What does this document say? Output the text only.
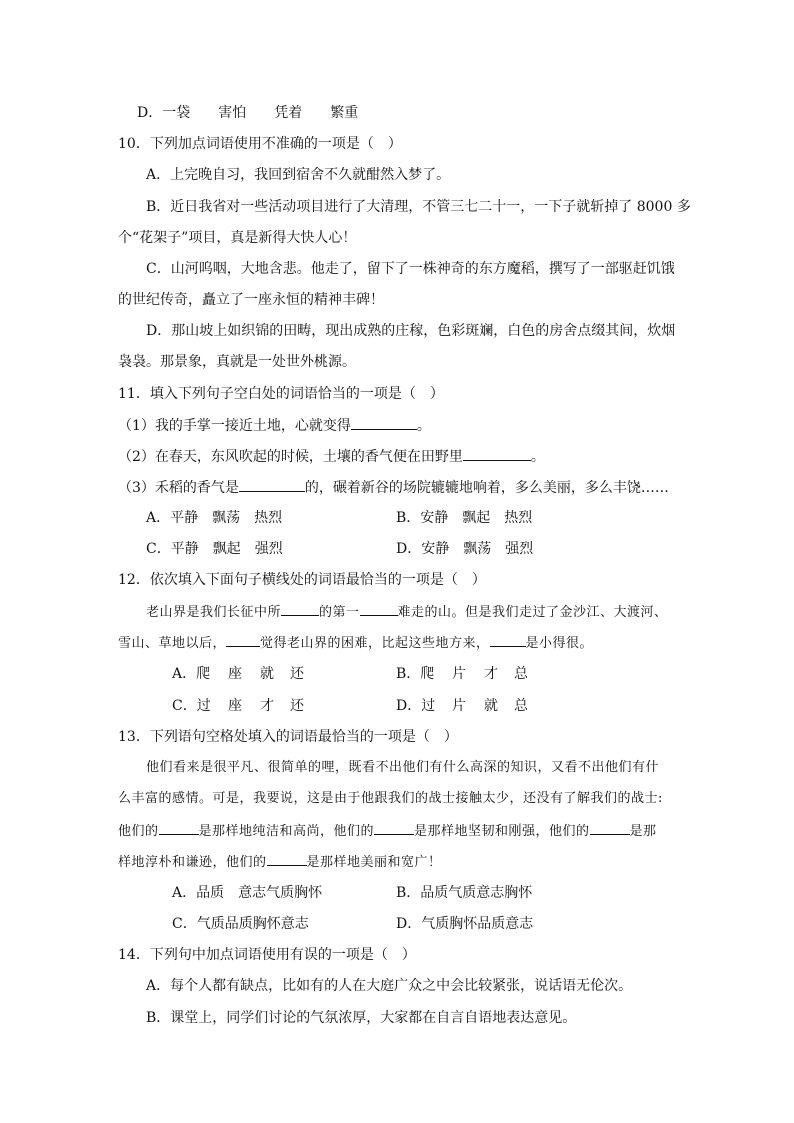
D．一袋　　害怕　　凭着　　繁重
10．下列加点词语使用不准确的一项是（　）
A．上完晚自习，我回到宿舍不久就酣然入梦了。
B．近日我省对一些活动项目进行了大清理，不管三七二十一，一下子就斩掉了 8000 多
个“花架子”项目，真是新得大快人心！
C．山河呜咽，大地含悲。他走了，留下了一株神奇的东方魔稻，撰写了一部驱赶饥饿
的世纪传奇，矗立了一座永恒的精神丰碑！
D．那山坡上如织锦的田畴，现出成熟的庄稼，色彩斑斓，白色的房舍点缀其间，炊烟
袅袅。那景象，真就是一处世外桃源。
11．填入下列句子空白处的词语恰当的一项是（　）
（1）我的手掌一接近土地，心就变得	。
（2）在春天，东风吹起的时候，土壤的香气便在田野里	。
（3）禾稻的香气是	的，碾着新谷的场院辘辘地响着，多么美丽，多么丰饶……
A．平静　飘荡　热烈	B．安静　飘起　热烈
C．平静　飘起　强烈	D．安静　飘荡　强烈
12．依次填入下面句子横线处的词语最恰当的一项是（　）
老山界是我们长征中所	的第一	难走的山。但是我们走过了金沙江、大渡河、
雪山、草地以后，	觉得老山界的困难，比起这些地方来，	是小得很。
A．爬 座 就 还	B．爬 片 才 总
C．过 座 才 还	D．过 片 就 总
13．下列语句空格处填入的词语最恰当的一项是（　）
他们看来是很平凡、很简单的哩，既看不出他们有什么高深的知识，又看不出他们有什
么丰富的感情。可是，我要说，这是由于他跟我们的战士接触太少，还没有了解我们的战士:
他们的	是那样地纯洁和高尚，他们的	是那样地坚韧和刚强，他们的	是那
样地淳朴和谦逊，他们的	是那样地美丽和宽广！
A．品质　意志气质胸怀	B．品质气质意志胸怀
C．气质品质胸怀意志	D．气质胸怀品质意志
14．下列句中加点词语使用有误的一项是（　）
A．每个人都有缺点，比如有的人在大庭广众之中会比较紧张，说话语无伦次。
B．课堂上，同学们讨论的气氛浓厚，大家都在自言自语地表达意见。
